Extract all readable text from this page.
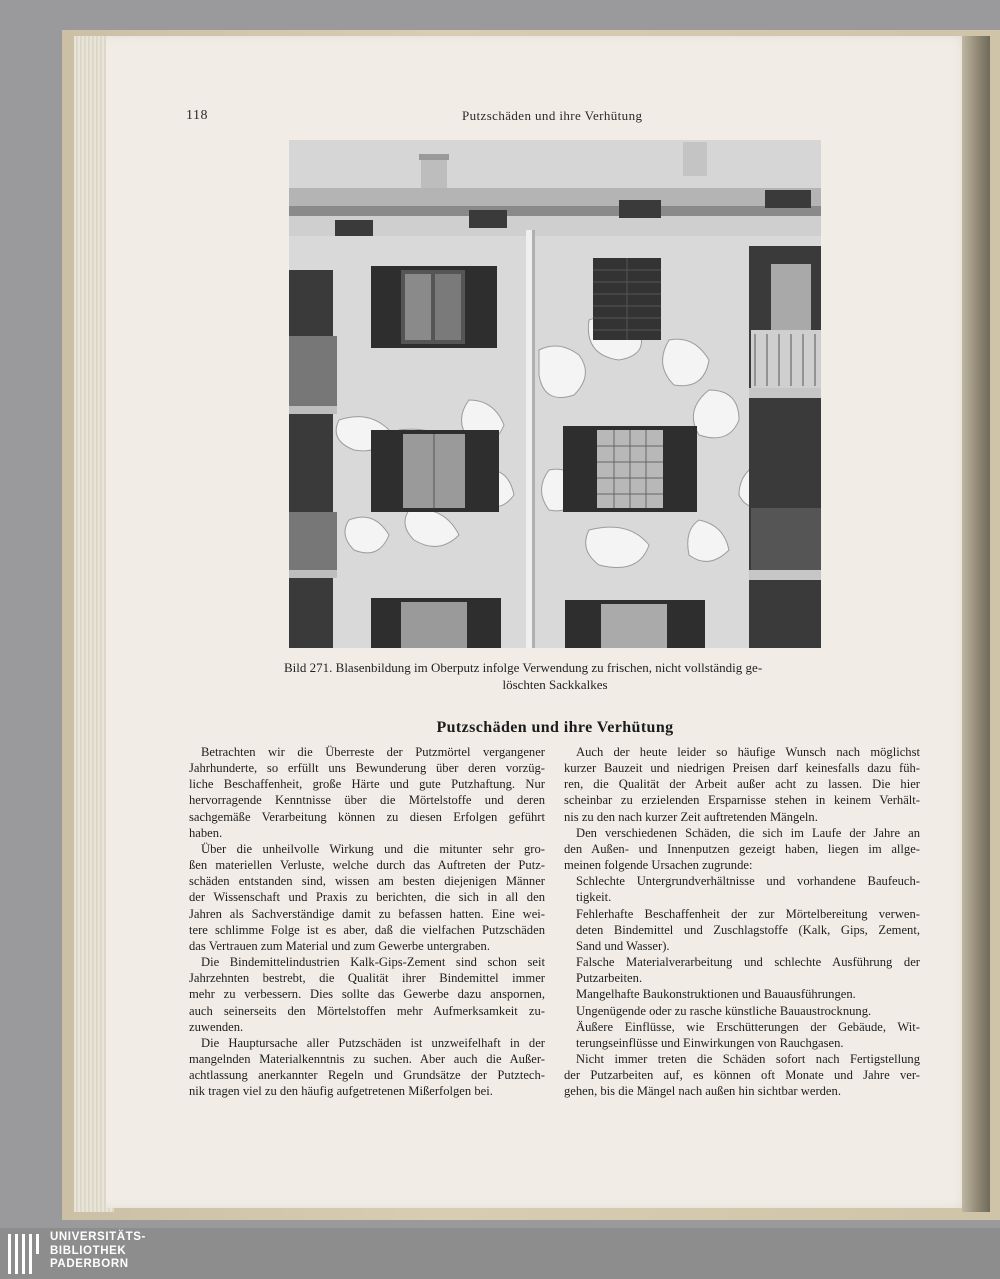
118	Putzschäden und ihre Verhütung
Bild 271. Blasenbildung im Oberputz infolge Verwendung zu frischen, nicht vollständig ge-
löschten Sackkalkes
Putzschäden und ihre Verhütung
Betrachten wir die Überreste der Putzmörtel vergangener
Jahrhunderte, so erfüllt uns Bewunderung über deren vorzüg-
liche Beschaffenheit, große Härte und gute Putzhaftung. Nur
hervorragende Kenntnisse über die Mörtelstoffe und deren
sachgemäße Verarbeitung können zu diesen Erfolgen geführt
haben.
Über die unheilvolle Wirkung und die mitunter sehr gro-
ßen materiellen Verluste, welche durch das Auftreten der Putz-
schäden entstanden sind, wissen am besten diejenigen Männer
der Wissenschaft und Praxis zu berichten, die sich in all den
Jahren als Sachverständige damit zu befassen hatten. Eine wei-
tere schlimme Folge ist es aber, daß die vielfachen Putzschäden
das Vertrauen zum Material und zum Gewerbe untergraben.
Die Bindemittelindustrien Kalk-Gips-Zement sind schon seit
Jahrzehnten bestrebt, die Qualität ihrer Bindemittel immer
mehr zu verbessern. Dies sollte das Gewerbe dazu anspornen,
auch seinerseits den Mörtelstoffen mehr Aufmerksamkeit zu-
zuwenden.
Die Hauptursache aller Putzschäden ist unzweifelhaft in der
mangelnden Materialkenntnis zu suchen. Aber auch die Außer-
achtlassung anerkannter Regeln und Grundsätze der Putztech-
nik tragen viel zu den häufig aufgetretenen Mißerfolgen bei.
Auch der heute leider so häufige Wunsch nach möglichst
kurzer Bauzeit und niedrigen Preisen darf keinesfalls dazu füh-
ren, die Qualität der Arbeit außer acht zu lassen. Die hier
scheinbar zu erzielenden Ersparnisse stehen in keinem Verhält-
nis zu den nach kurzer Zeit auftretenden Mängeln.
Den verschiedenen Schäden, die sich im Laufe der Jahre an
den Außen- und Innenputzen gezeigt haben, liegen im allge-
meinen folgende Ursachen zugrunde:
Schlechte Untergrundverhältnisse und vorhandene Baufeuch-
tigkeit.
Fehlerhafte Beschaffenheit der zur Mörtelbereitung verwen-
deten Bindemittel und Zuschlagstoffe (Kalk, Gips, Zement,
Sand und Wasser).
Falsche Materialverarbeitung und schlechte Ausführung der
Putzarbeiten.
Mangelhafte Baukonstruktionen und Bauausführungen.
Ungenügende oder zu rasche künstliche Bauaustrocknung.
Äußere Einflüsse, wie Erschütterungen der Gebäude, Wit-
terungseinflüsse und Einwirkungen von Rauchgasen.
Nicht immer treten die Schäden sofort nach Fertigstellung
der Putzarbeiten auf, es können oft Monate und Jahre ver-
gehen, bis die Mängel nach außen hin sichtbar werden.
UNIVERSITÄTS-
BIBLIOTHEK
PADERBORN
